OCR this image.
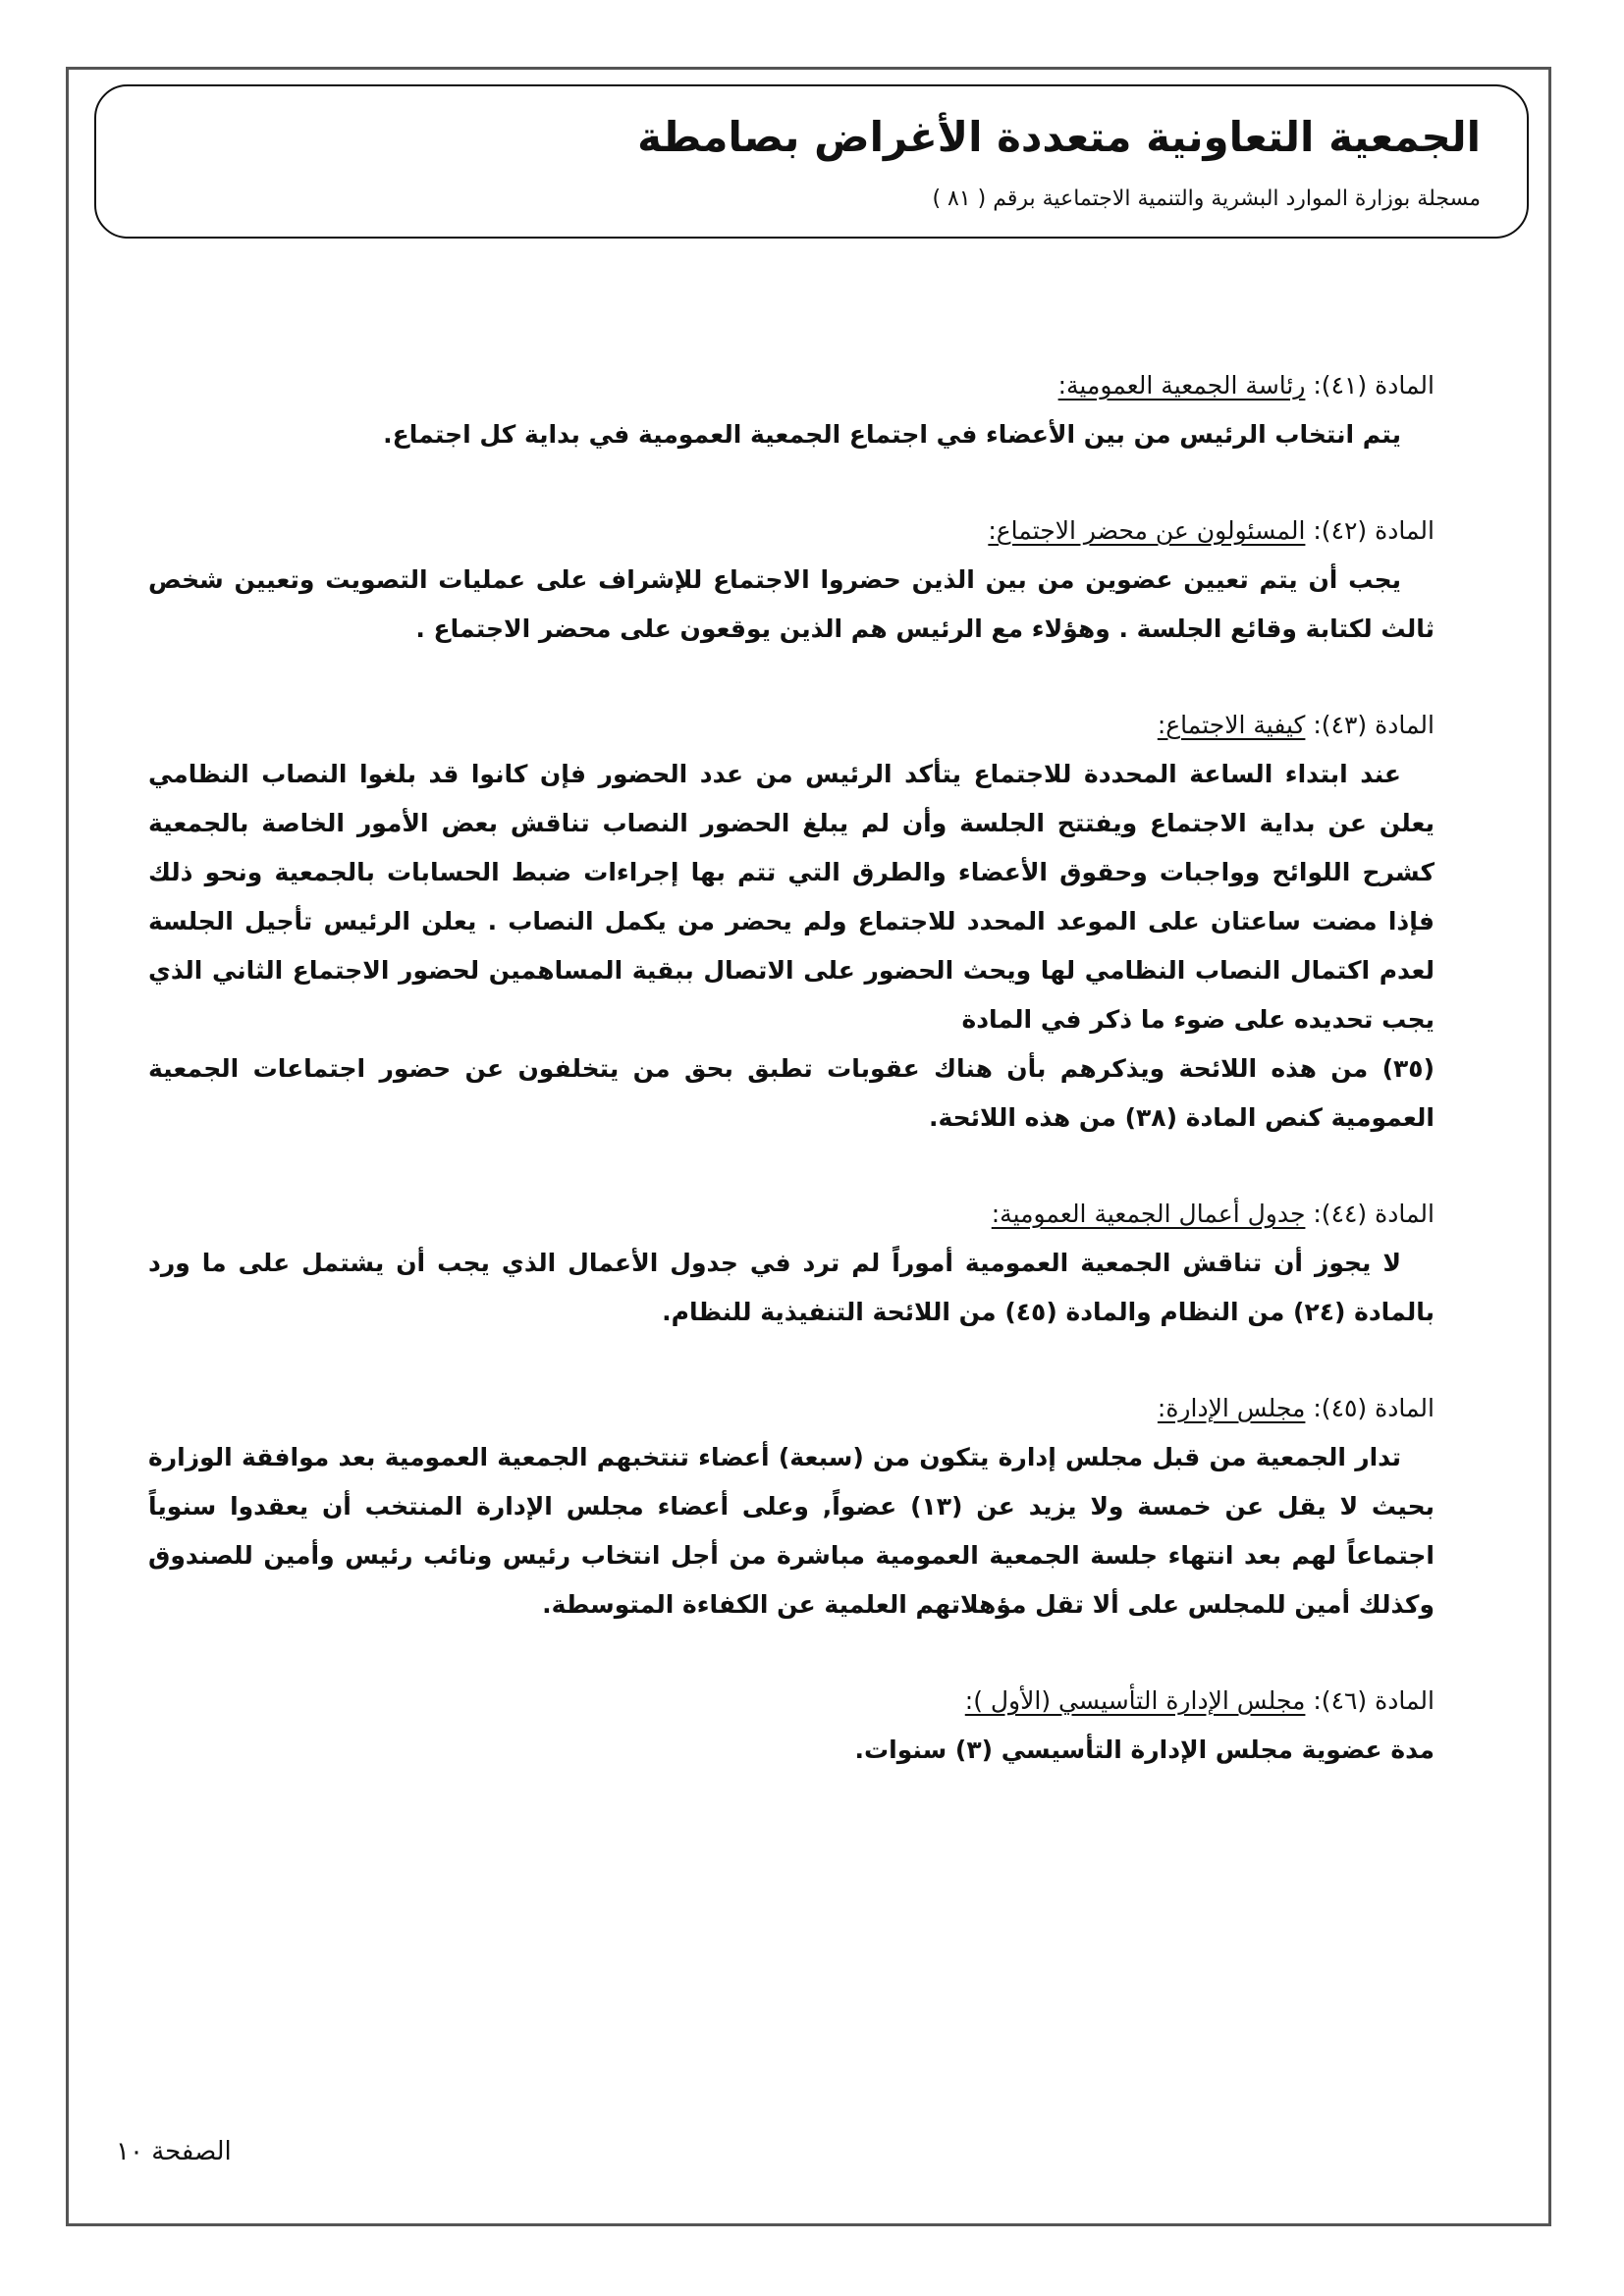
الجمعية التعاونية متعددة الأغراض بصامطة
مسجلة بوزارة الموارد البشرية والتنمية الاجتماعية برقم ( ٨١ )
المادة (٤١): رئاسة الجمعية العمومية:

يتم انتخاب الرئيس من بين الأعضاء في اجتماع الجمعية العمومية في بداية كل اجتماع.

المادة (٤٢): المسئولون عن محضر الاجتماع:

يجب أن يتم تعيين عضوين من بين الذين حضروا الاجتماع للإشراف على عمليات التصويت وتعيين شخص ثالث لكتابة وقائع الجلسة . وهؤلاء مع الرئيس هم الذين يوقعون على محضر الاجتماع .

المادة (٤٣): كيفية الاجتماع:

عند ابتداء الساعة المحددة للاجتماع يتأكد الرئيس من عدد الحضور فإن كانوا قد بلغوا النصاب النظامي يعلن عن بداية الاجتماع ويفتتح الجلسة وأن لم يبلغ الحضور النصاب تناقش بعض الأمور الخاصة بالجمعية كشرح اللوائح وواجبات وحقوق الأعضاء والطرق التي تتم بها إجراءات ضبط الحسابات بالجمعية ونحو ذلك فإذا مضت ساعتان على الموعد المحدد للاجتماع ولم يحضر من يكمل النصاب . يعلن الرئيس تأجيل الجلسة لعدم اكتمال النصاب النظامي لها ويحث الحضور على الاتصال ببقية المساهمين لحضور الاجتماع الثاني الذي يجب تحديده على ضوء ما ذكر في المادة

(٣٥) من هذه اللائحة ويذكرهم بأن هناك عقوبات تطبق بحق من يتخلفون عن حضور اجتماعات الجمعية العمومية كنص المادة (٣٨) من هذه اللائحة.

المادة (٤٤): جدول أعمال الجمعية العمومية:

لا يجوز أن تناقش الجمعية العمومية أموراً لم ترد في جدول الأعمال الذي يجب أن يشتمل على ما ورد بالمادة (٢٤) من النظام والمادة (٤٥) من اللائحة التنفيذية للنظام.

المادة (٤٥): مجلس الإدارة:

تدار الجمعية من قبل مجلس إدارة يتكون من (سبعة) أعضاء تنتخبهم الجمعية العمومية بعد موافقة الوزارة بحيث لا يقل عن خمسة ولا يزيد عن (١٣) عضواً, وعلى أعضاء مجلس الإدارة المنتخب أن يعقدوا سنوياً اجتماعاً لهم بعد انتهاء جلسة الجمعية العمومية مباشرة من أجل انتخاب رئيس ونائب رئيس وأمين للصندوق وكذلك أمين للمجلس على ألا تقل مؤهلاتهم العلمية عن الكفاءة المتوسطة.

المادة (٤٦): مجلس الإدارة التأسيسي (الأول ):

مدة عضوية مجلس الإدارة التأسيسي (٣) سنوات.

الصفحة ١٠
